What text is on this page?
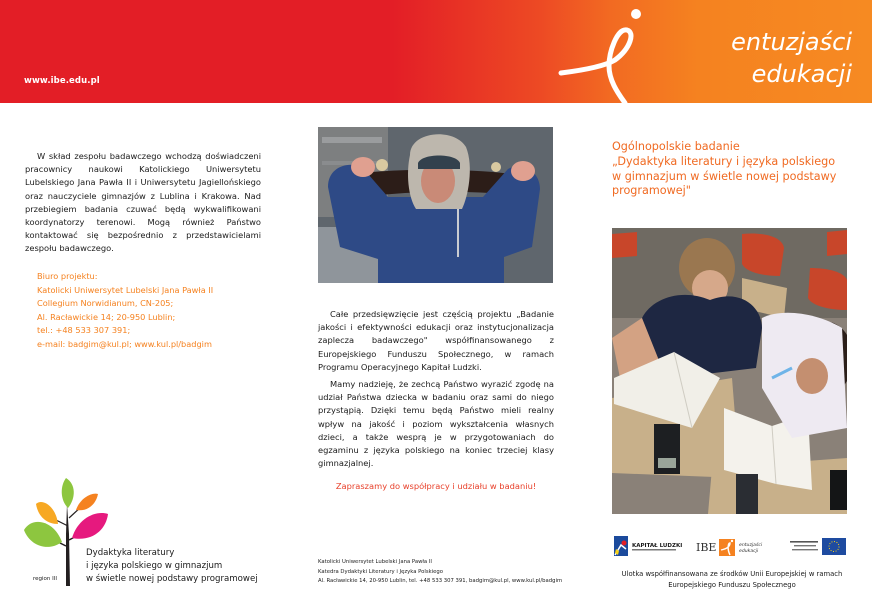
www.ibe.edu.pl
entuzjaści
edukacji
W skład zespołu badawczego wchodzą doświadczeni pracownicy naukowi Katolickiego Uniwersytetu Lubelskiego Jana Pawła II i Uniwersytetu Jagiellońskiego oraz nauczyciele gimnazjów z Lublina i Krakowa. Nad przebiegiem badania czuwać będą wykwalifikowani koordynatorzy terenowi. Mogą również Państwo kontaktować się bezpośrednio z przedstawicielami zespołu badawczego.
Biuro projektu:
Katolicki Uniwersytet Lubelski Jana Pawła II
Collegium Norwidianum, CN-205;
Al. Racławickie 14; 20-950 Lublin;
tel.: +48 533 307 391;
e-mail: badgim@kul.pl; www.kul.pl/badgim
region III
Dydaktyka literatury
i języka polskiego w gimnazjum
w świetle nowej podstawy programowej

Całe przedsięwzięcie jest częścią projektu „Badanie jakości i efektywności edukacji oraz instytucjonalizacja zaplecza badawczego" współfinansowanego z Europejskiego Funduszu Społecznego, w ramach Programu Operacyjnego Kapitał Ludzki.

Mamy nadzieję, że zechcą Państwo wyrazić zgodę na udział Państwa dziecka w badaniu oraz sami do niego przystąpią. Dzięki temu będą Państwo mieli realny wpływ na jakość i poziom wykształcenia własnych dzieci, a także wesprą je w przygotowaniach do egzaminu z języka polskiego na koniec trzeciej klasy gimnazjalnej.

Zapraszamy do współpracy i udziału w badaniu!
Katolicki Uniwersytet Lubelski Jana Pawła II
Katedra Dydaktyki Literatury i Języka Polskiego
Al. Racławickie 14, 20-950 Lublin, tel. +48 533 307 391, badgim@kul.pl, www.kul.pl/badgim
Ogólnopolskie badanie
„Dydaktyka literatury i języka polskiego
w gimnazjum w świetle nowej podstawy
programowej"
KAPITAŁ LUDZKI IBE	entuzjaści
edukacji
Ulotka współfinansowana ze środków Unii Europejskiej w ramach
Europejskiego Funduszu Społecznego
